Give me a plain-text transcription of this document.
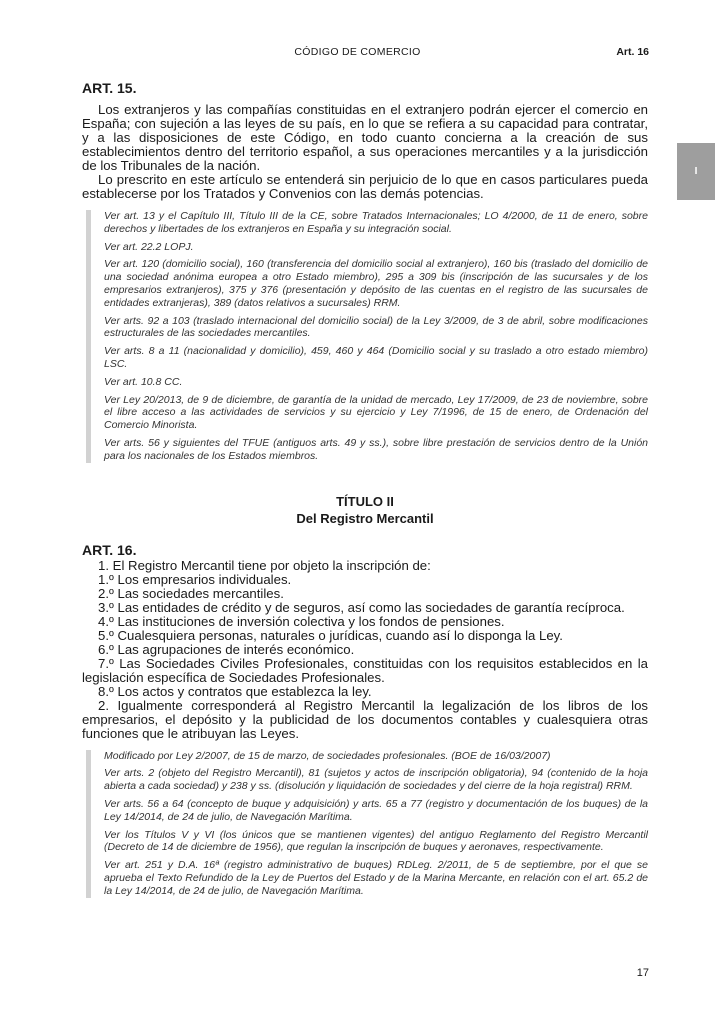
CÓDIGO DE COMERCIO	Art. 16
I
ART. 15.

Los extranjeros y las compañías constituidas en el extranjero podrán ejercer el comercio en España; con sujeción a las leyes de su país, en lo que se refiera a su capacidad para contratar, y a las disposiciones de este Código, en todo cuanto concierna a la creación de sus establecimientos dentro del territorio español, a sus operaciones mercantiles y a la jurisdicción de los Tribunales de la nación.

Lo prescrito en este artículo se entenderá sin perjuicio de lo que en casos particulares pueda establecerse por los Tratados y Convenios con las demás potencias.

Ver art. 13 y el Capítulo III, Título III de la CE, sobre Tratados Internacionales; LO 4/2000, de 11 de enero, sobre derechos y libertades de los extranjeros en España y su integración social.

Ver art. 22.2 LOPJ.

Ver art. 120 (domicilio social), 160 (transferencia del domicilio social al extranjero), 160 bis (traslado del domicilio de una sociedad anónima europea a otro Estado miembro), 295 a 309 bis (inscripción de las sucursales y de los empresarios extranjeros), 375 y 376 (presentación y depósito de las cuentas en el registro de las sucursales de entidades extranjeras), 389 (datos relativos a sucursales) RRM.

Ver arts. 92 a 103 (traslado internacional del domicilio social) de la Ley 3/2009, de 3 de abril, sobre modificaciones estructurales de las sociedades mercantiles.

Ver arts. 8 a 11 (nacionalidad y domicilio), 459, 460 y 464 (Domicilio social y su traslado a otro estado miembro) LSC.

Ver art. 10.8 CC.

Ver Ley 20/2013, de 9 de diciembre, de garantía de la unidad de mercado, Ley 17/2009, de 23 de noviembre, sobre el libre acceso a las actividades de servicios y su ejercicio y Ley 7/1996, de 15 de enero, de Ordenación del Comercio Minorista.

Ver arts. 56 y siguientes del TFUE (antiguos arts. 49 y ss.), sobre libre prestación de servicios dentro de la Unión para los nacionales de los Estados miembros.

TÍTULO II
Del Registro Mercantil
ART. 16.

1. El Registro Mercantil tiene por objeto la inscripción de:

1.º Los empresarios individuales.

2.º Las sociedades mercantiles.

3.º Las entidades de crédito y de seguros, así como las sociedades de garantía recíproca.

4.º Las instituciones de inversión colectiva y los fondos de pensiones.

5.º Cualesquiera personas, naturales o jurídicas, cuando así lo disponga la Ley.

6.º Las agrupaciones de interés económico.

7.º Las Sociedades Civiles Profesionales, constituidas con los requisitos establecidos en la legislación específica de Sociedades Profesionales.

8.º Los actos y contratos que establezca la ley.

2. Igualmente corresponderá al Registro Mercantil la legalización de los libros de los empresarios, el depósito y la publicidad de los documentos contables y cualesquiera otras funciones que le atribuyan las Leyes.

Modificado por Ley 2/2007, de 15 de marzo, de sociedades profesionales. (BOE de 16/03/2007)

Ver arts. 2 (objeto del Registro Mercantil), 81 (sujetos y actos de inscripción obligatoria), 94 (contenido de la hoja abierta a cada sociedad) y 238 y ss. (disolución y liquidación de sociedades y del cierre de la hoja registral) RRM.

Ver arts. 56 a 64 (concepto de buque y adquisición) y arts. 65 a 77 (registro y documentación de los buques) de la Ley 14/2014, de 24 de julio, de Navegación Marítima.

Ver los Títulos V y VI (los únicos que se mantienen vigentes) del antiguo Reglamento del Registro Mercantil (Decreto de 14 de diciembre de 1956), que regulan la inscripción de buques y aeronaves, respectivamente.

Ver art. 251 y D.A. 16ª (registro administrativo de buques) RDLeg. 2/2011, de 5 de septiembre, por el que se aprueba el Texto Refundido de la Ley de Puertos del Estado y de la Marina Mercante, en relación con el art. 65.2 de la Ley 14/2014, de 24 de julio, de Navegación Marítima.

17
